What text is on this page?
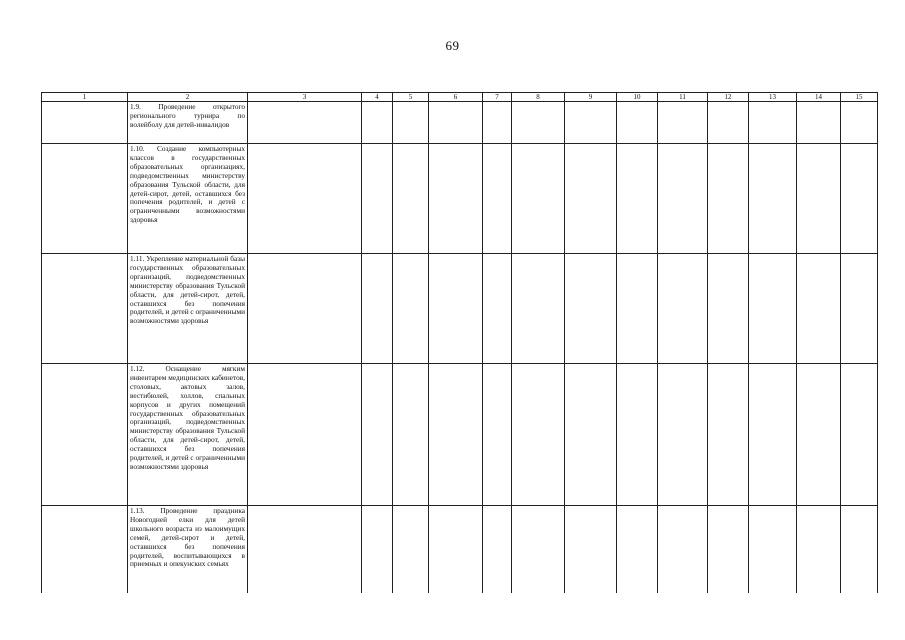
69
1	2	3	4	5	6	7	8	9	10	11	12	13	14	15
	1.9. Проведение открытого регионального турнира по волейболу для детей-инвалидов													
	1.10. Создание компьютерных классов в государственных образовательных организациях, подведомственных министерству образования Тульской области, для детей-сирот, детей, оставшихся без попечения родителей, и детей с ограниченными возможностями здоровья													
	1.11. Укрепление материальной базы государственных образовательных организаций, подведомственных министерству образования Тульской области, для детей-сирот, детей, оставшихся без попечения родителей, и детей с ограниченными возможностями здоровья													
	1.12. Оснащение мягким инвентарем медицинских кабинетов, столовых, актовых залов, вестибюлей, холлов, спальных корпусов и других помещений государственных образовательных организаций, подведомственных министерству образования Тульской области, для детей-сирот, детей, оставшихся без попечения родителей, и детей с ограниченными возможностями здоровья													
	1.13. Проведение праздника Новогодней елки для детей школьного возраста из малоимущих семей, детей-сирот и детей, оставшихся без попечения родителей, воспитывающихся в приемных и опекунских семьях													
